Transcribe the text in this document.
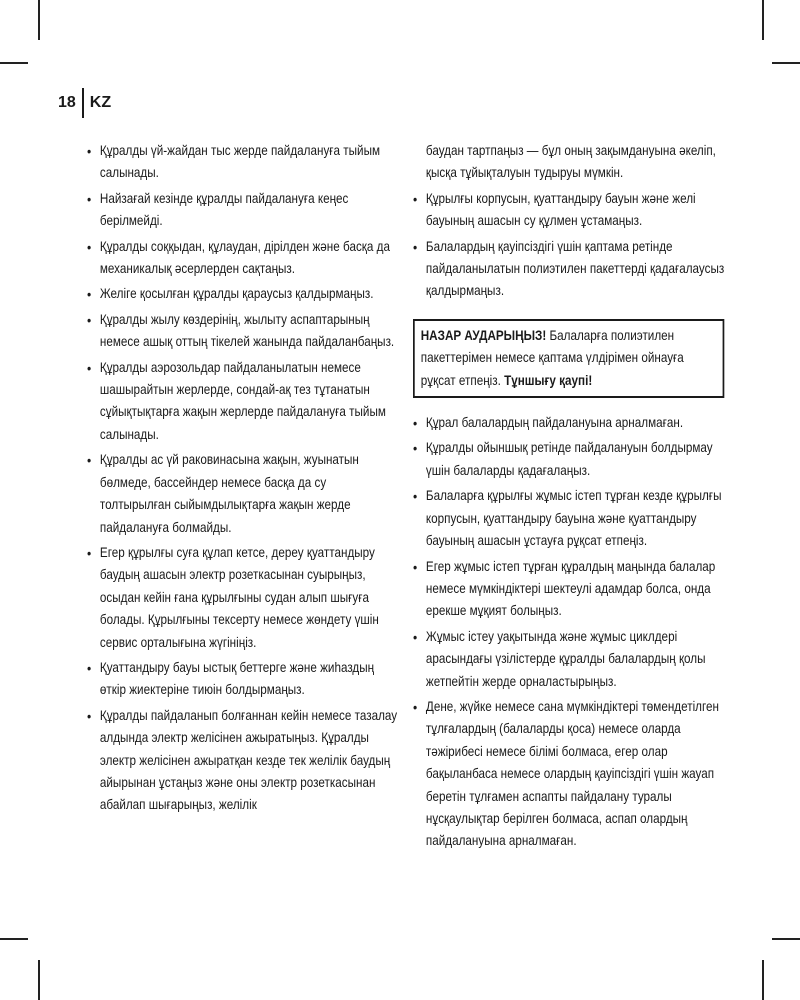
18 KZ
• Құралды үй-жайдан тыс жерде пайдалануға тыйым салынады.
• Найзағай кезінде құралды пайдалануға кеңес берілмейді.
• Құралды соққыдан, құлаудан, дірілден және басқа да механикалық әсерлерден сақтаңыз.
• Желіге қосылған құралды қараусыз қалдырмаңыз.
• Құралды жылу көздерінің, жылыту аспаптарының немесе ашық оттың тікелей жанында пайдаланбаңыз.
• Құралды аэрозольдар пайдаланылатын немесе шашырайтын жерлерде, сондай-ақ тез тұтанатын сұйықтықтарға жақын жерлерде пайдалануға тыйым салынады.
• Құралды ас үй раковинасына жақын, жуынатын бөлмеде, бассейндер немесе басқа да су толтырылған сыйымдылықтарға жақын жерде пайдалануға болмайды.
• Егер құрылғы суға құлап кетсе, дереу қуаттандыру баудың ашасын электр розеткасынан суырыңыз, осыдан кейін ғана құрылғыны судан алып шығуға болады. Құрылғыны тексерту немесе жөндету үшін сервис орталығына жүгініңіз.
• Қуаттандыру бауы ыстық беттерге және жиһаздың өткір жиектеріне тиюін болдырмаңыз.
• Құралды пайдаланып болғаннан кейін немесе тазалау алдында электр желісінен ажыратыңыз. Құралды электр желісінен ажыратқан кезде тек желілік баудың айырынан ұстаңыз және оны электр розеткасынан абайлап шығарыңыз, желілік
баудан тартпаңыз — бұл оның зақымдануына әкеліп, қысқа тұйықталуын тудыруы мүмкін.
• Құрылғы корпусын, қуаттандыру бауын және желі бауының ашасын су құлмен ұстамаңыз.
• Балалардың қауіпсіздігі үшін қаптама ретінде пайдаланылатын полиэтилен пакеттерді қадағалаусыз қалдырмаңыз.
НАЗАР АУДАРЫҢЫЗ! Балаларға полиэтилен пакеттерімен немесе қаптама үлдірімен ойнауға рұқсат етпеңіз. Тұншығу қаупі!
• Құрал балалардың пайдалануына арналмаған.
• Құралды ойыншық ретінде пайдалануын болдырмау үшін балаларды қадағалаңыз.
• Балаларға құрылғы жұмыс істеп тұрған кезде құрылғы корпусын, қуаттандыру бауына және қуаттандыру бауының ашасын ұстауға рұқсат етпеңіз.
• Егер жұмыс істеп тұрған құралдың маңында балалар немесе мүмкіндіктері шектеулі адамдар болса, онда ерекше мұқият болыңыз.
• Жұмыс істеу уақытында және жұмыс циклдері арасындағы үзілістерде құралды балалардың қолы жетпейтін жерде орналастырыңыз.
• Дене, жүйке немесе сана мүмкіндіктері төмендетілген тұлғалардың (балаларды қоса) немесе оларда тәжірибесі немесе білімі болмаса, егер олар бақыланбаса немесе олардың қауіпсіздігі үшін жауап беретін тұлғамен аспапты пайдалану туралы нұсқаулықтар берілген болмаса, аспап олардың пайдалануына арналмаған.
